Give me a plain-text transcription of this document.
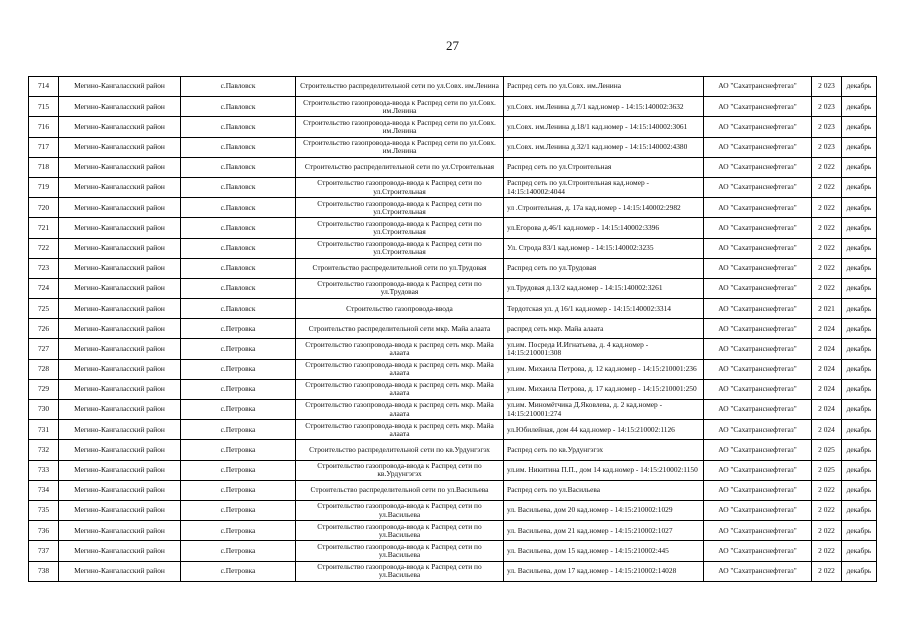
27
714	Мегино-Кангаласский район	с.Павловск	Строительство распределительной сети по ул.Совх. им.Ленина	Распред сеть по ул.Совх. им.Ленина	АО "Сахатранснефтегаз"	2 023	декабрь
715	Мегино-Кангаласский район	с.Павловск	Строительство газопровода-ввода к Распред сети по ул.Совх. им.Ленина	ул.Совх. им.Ленина д.7/1 кад.номер - 14:15:140002:3632	АО "Сахатранснефтегаз"	2 023	декабрь
716	Мегино-Кангаласский район	с.Павловск	Строительство газопровода-ввода к Распред сети по ул.Совх. им.Ленина	ул.Совх. им.Ленина д.18/1 кад.номер - 14:15:140002:3061	АО "Сахатранснефтегаз"	2 023	декабрь
717	Мегино-Кангаласский район	с.Павловск	Строительство газопровода-ввода к Распред сети по ул.Совх. им.Ленина	ул.Совх. им.Ленина д.32/1 кад.номер - 14:15:140002:4380	АО "Сахатранснефтегаз"	2 023	декабрь
718	Мегино-Кангаласский район	с.Павловск	Строительство распределительной сети по ул.Строительная	Распред сеть по ул.Строительная	АО "Сахатранснефтегаз"	2 022	декабрь
719	Мегино-Кангаласский район	с.Павловск	Строительство газопровода-ввода к Распред сети по ул.Строительная	Распред сеть по ул.Строительная кад.номер - 14:15:140002:4044	АО "Сахатранснефтегаз"	2 022	декабрь
720	Мегино-Кангаласский район	с.Павловск	Строительство газопровода-ввода к Распред сети по ул.Строительная	ул .Строительная, д. 17а кад.номер - 14:15:140002:2982	АО "Сахатранснефтегаз"	2 022	декабрь
721	Мегино-Кангаласский район	с.Павловск	Строительство газопровода-ввода к Распред сети по ул.Строительная	ул.Егорова д.46/1 кад.номер - 14:15:140002:3396	АО "Сахатранснефтегаз"	2 022	декабрь
722	Мегино-Кангаласский район	с.Павловск	Строительство газопровода-ввода к Распред сети по ул.Строительная	Ул. Строда 83/1 кад.номер - 14:15:140002:3235	АО "Сахатранснефтегаз"	2 022	декабрь
723	Мегино-Кангаласский район	с.Павловск	Строительство распределительной сети по ул.Трудовая	Распред сеть по ул.Трудовая	АО "Сахатранснефтегаз"	2 022	декабрь
724	Мегино-Кангаласский район	с.Павловск	Строительство газопровода-ввода к Распред сети по ул.Трудовая	ул.Трудовая д.13/2 кад.номер - 14:15:140002:3261	АО "Сахатранснефтегаз"	2 022	декабрь
725	Мегино-Кангаласский район	с.Павловск	Строительство газопровода-ввода	Тердотская ул. д 16/1 кад.номер - 14:15:140002:3314	АО "Сахатранснефтегаз"	2 021	декабрь
726	Мегино-Кангаласский район	с.Петровка	Строительство распределительной сети мкр. Майа алаата	распред сеть мкр. Майа алаата	АО "Сахатранснефтегаз"	2 024	декабрь
727	Мегино-Кангаласский район	с.Петровка	Строительство газопровода-ввода к распред сеть мкр. Майа алаата	ул.им. Посреда И.Игнатьева, д. 4 кад.номер - 14:15:210001:308	АО "Сахатранснефтегаз"	2 024	декабрь
728	Мегино-Кангаласский район	с.Петровка	Строительство газопровода-ввода к распред сеть мкр. Майа алаата	ул.им. Михаила Петрова, д. 12 кад.номер - 14:15:210001:236	АО "Сахатранснефтегаз"	2 024	декабрь
729	Мегино-Кангаласский район	с.Петровка	Строительство газопровода-ввода к распред сеть мкр. Майа алаата	ул.им. Михаила Петрова, д. 17 кад.номер - 14:15:210001:250	АО "Сахатранснефтегаз"	2 024	декабрь
730	Мегино-Кангаласский район	с.Петровка	Строительство газопровода-ввода к распред сеть мкр. Майа алаата	ул.им. Миномётчика Д.Яковлева, д. 2 кад.номер - 14:15:210001:274	АО "Сахатранснефтегаз"	2 024	декабрь
731	Мегино-Кангаласский район	с.Петровка	Строительство газопровода-ввода к распред сеть мкр. Майа алаата	ул.Юбилейная, дом 44 кад.номер - 14:15:210002:1126	АО "Сахатранснефтегаз"	2 024	декабрь
732	Мегино-Кангаласский район	с.Петровка	Строительство распределительной сети по кв.Урдунгэгэх	Распред сеть по кв.Урдунгэгэх	АО "Сахатранснефтегаз"	2 025	декабрь
733	Мегино-Кангаласский район	с.Петровка	Строительство газопровода-ввода к Распред сети по кв.Урдунгэгэх	ул.им. Никитина П.П., дом 14 кад.номер - 14:15:210002:1150	АО "Сахатранснефтегаз"	2 025	декабрь
734	Мегино-Кангаласский район	с.Петровка	Строительство распределительной сети по ул.Васильева	Распред сеть по ул.Васильева	АО "Сахатранснефтегаз"	2 022	декабрь
735	Мегино-Кангаласский район	с.Петровка	Строительство газопровода-ввода к Распред сети по ул.Васильева	ул. Васильева, дом 20 кад.номер - 14:15:210002:1029	АО "Сахатранснефтегаз"	2 022	декабрь
736	Мегино-Кангаласский район	с.Петровка	Строительство газопровода-ввода к Распред сети по ул.Васильева	ул. Васильева, дом 21 кад.номер - 14:15:210002:1027	АО "Сахатранснефтегаз"	2 022	декабрь
737	Мегино-Кангаласский район	с.Петровка	Строительство газопровода-ввода к Распред сети по ул.Васильева	ул. Васильева, дом 15 кад.номер - 14:15:210002:445	АО "Сахатранснефтегаз"	2 022	декабрь
738	Мегино-Кангаласский район	с.Петровка	Строительство газопровода-ввода к Распред сети по ул.Васильева	ул. Васильева, дом 17 кад.номер - 14:15:210002:14028	АО "Сахатранснефтегаз"	2 022	декабрь
